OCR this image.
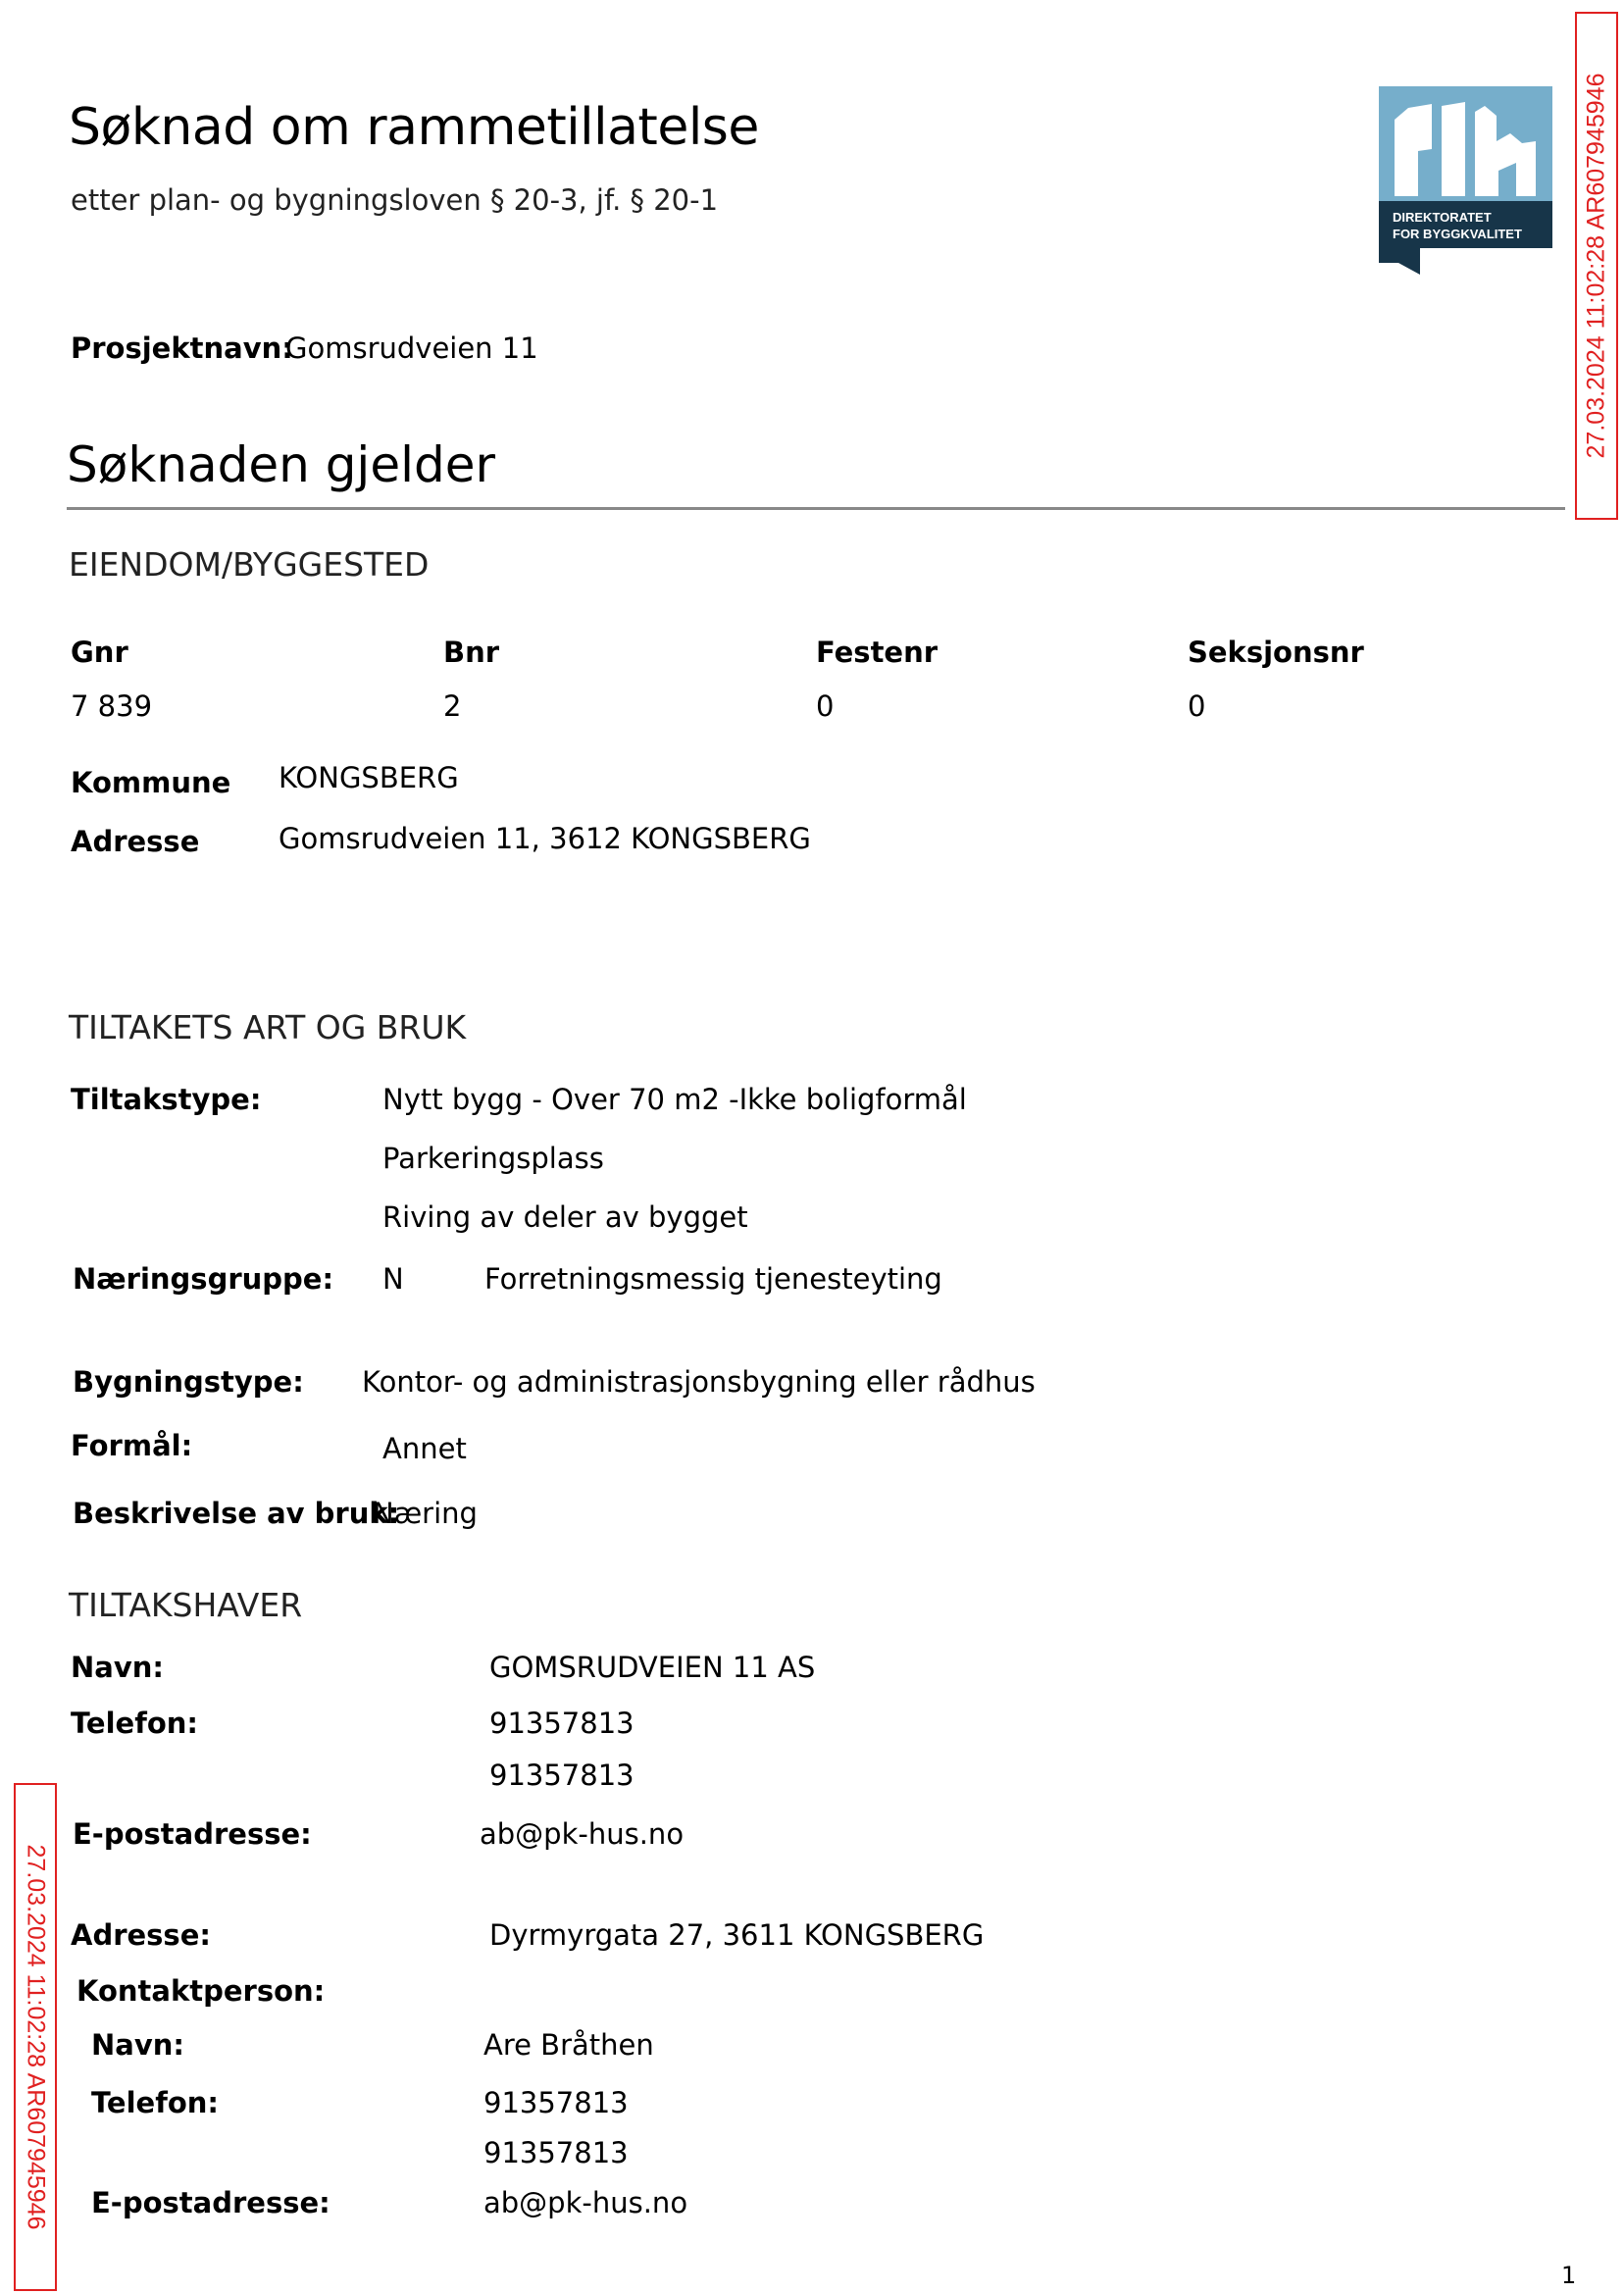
Søknad om rammetillatelse
etter plan- og bygningsloven § 20-3, jf. § 20-1
DIREKTORATET
FOR BYGGKVALITET
Prosjektnavn:
Gomsrudveien 11
Søknaden gjelder
EIENDOM/BYGGESTED
Gnr	Bnr	Festenr	Seksjonsnr
7 839	2	0	0
Kommune KONGSBERG
Adresse	Gomsrudveien 11, 3612 KONGSBERG
TILTAKETS ART OG BRUK
Tiltakstype:	Nytt bygg - Over 70 m2 -Ikke boligformål
Parkeringsplass
Riving av deler av bygget
Næringsgruppe: N	Forretningsmessig tjenesteyting
Bygningstype: Kontor- og administrasjonsbygning eller rådhus
Formål:	Annet
Beskrivelse av bruk:
Næring
TILTAKSHAVER
Navn:	GOMSRUDVEIEN 11 AS
Telefon:	91357813
91357813
E-postadresse:	ab@pk-hus.no
Adresse:	Dyrmyrgata 27, 3611 KONGSBERG
Kontaktperson:
Navn:	Are Bråthen
Telefon:	91357813
91357813
E-postadresse:	ab@pk-hus.no
27.03.2024 11:02:28 AR607945946
27.03.2024 11:02:28 AR607945946
1
